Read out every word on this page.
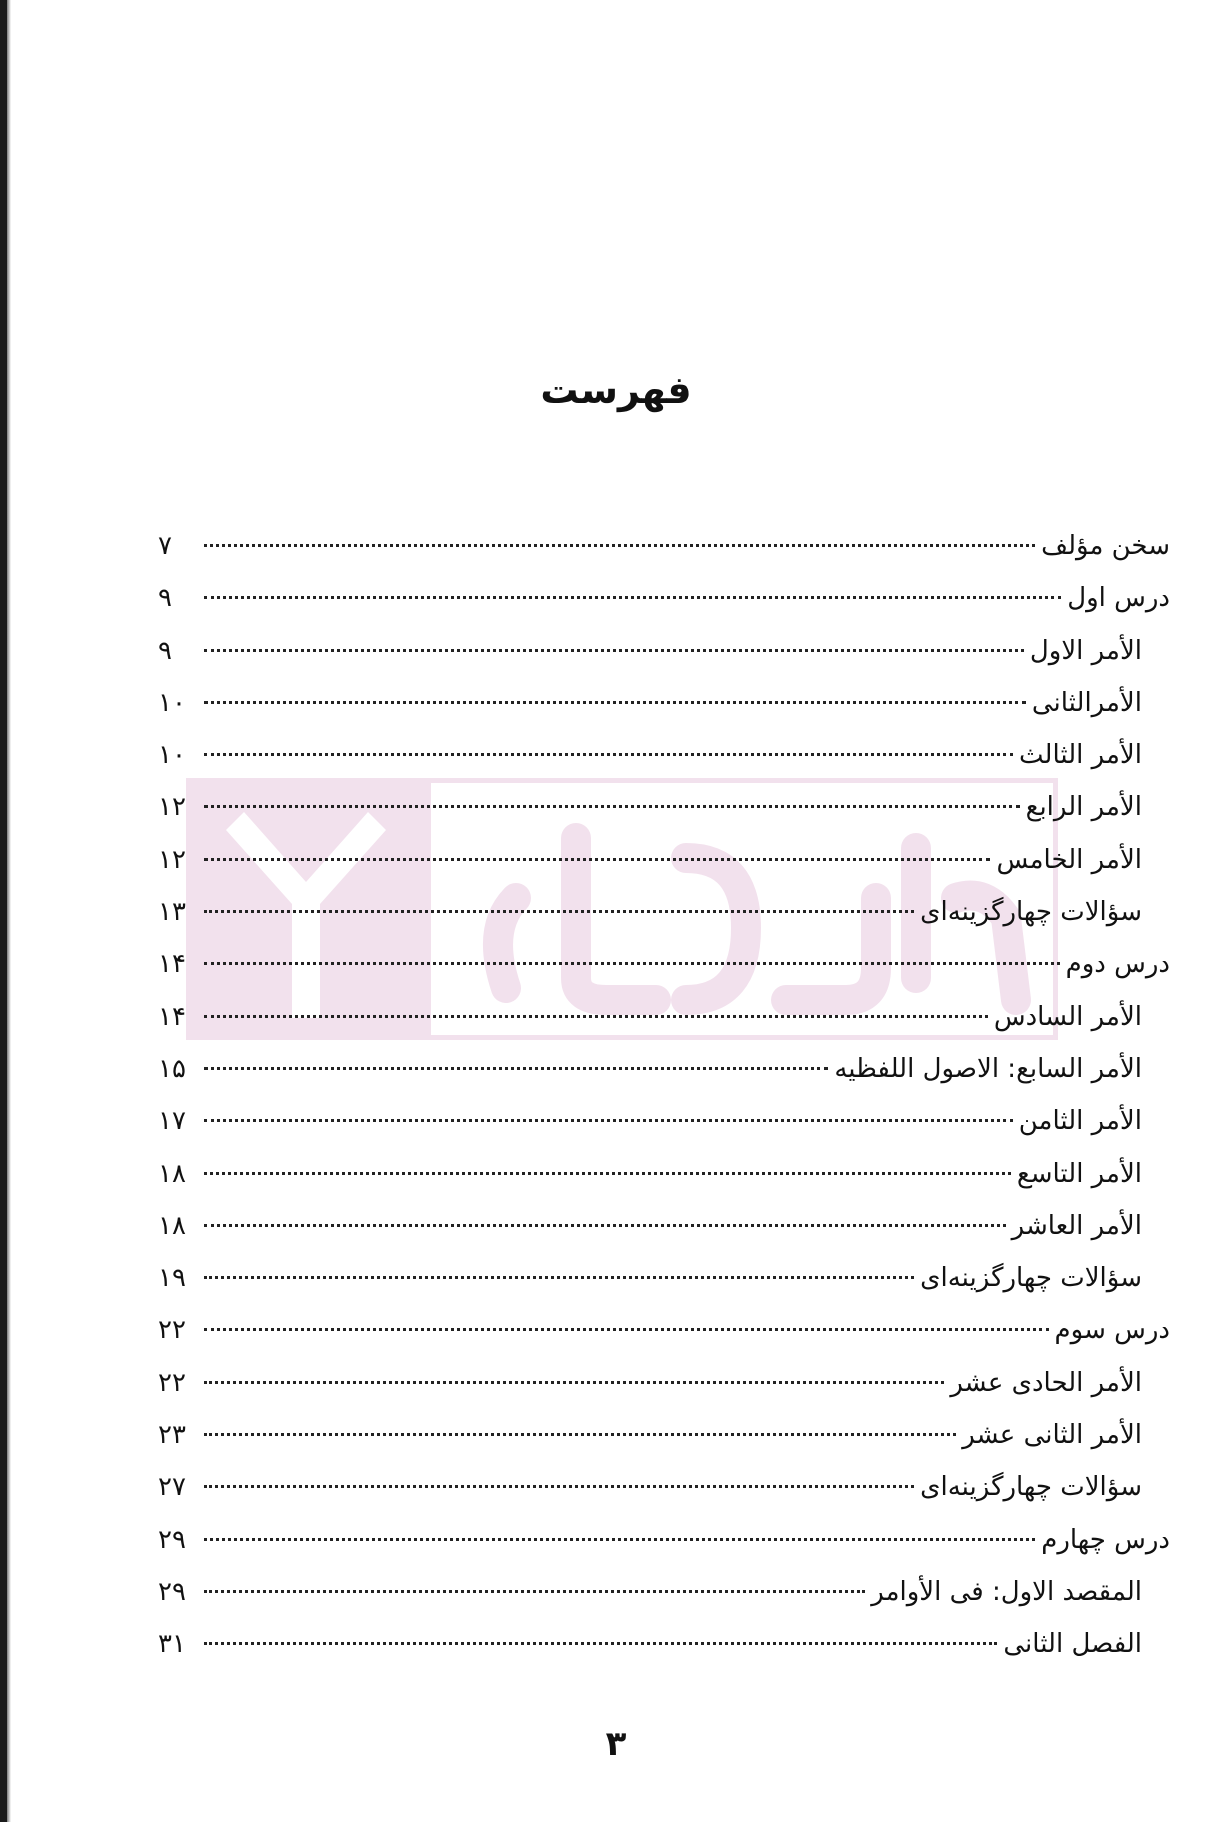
فهرست
سخن مؤلف
۷
درس اول
۹
الأمر الاول
۹
الأمرالثانی
۱۰
الأمر الثالث
۱۰
الأمر الرابع
۱۲
الأمر الخامس
۱۲
سؤالات چهارگزینه‌ای
۱۳
درس دوم
۱۴
الأمر السادس
۱۴
الأمر السابع: الاصول اللفظیه
۱۵
الأمر الثامن
۱۷
الأمر التاسع
۱۸
الأمر العاشر
۱۸
سؤالات چهارگزینه‌ای
۱۹
درس سوم
۲۲
الأمر الحادی عشر
۲۲
الأمر الثانی عشر
۲۳
سؤالات چهارگزینه‌ای
۲۷
درس چهارم
۲۹
المقصد الاول: فی الأوامر
۲۹
الفصل الثانی
۳۱
۳
